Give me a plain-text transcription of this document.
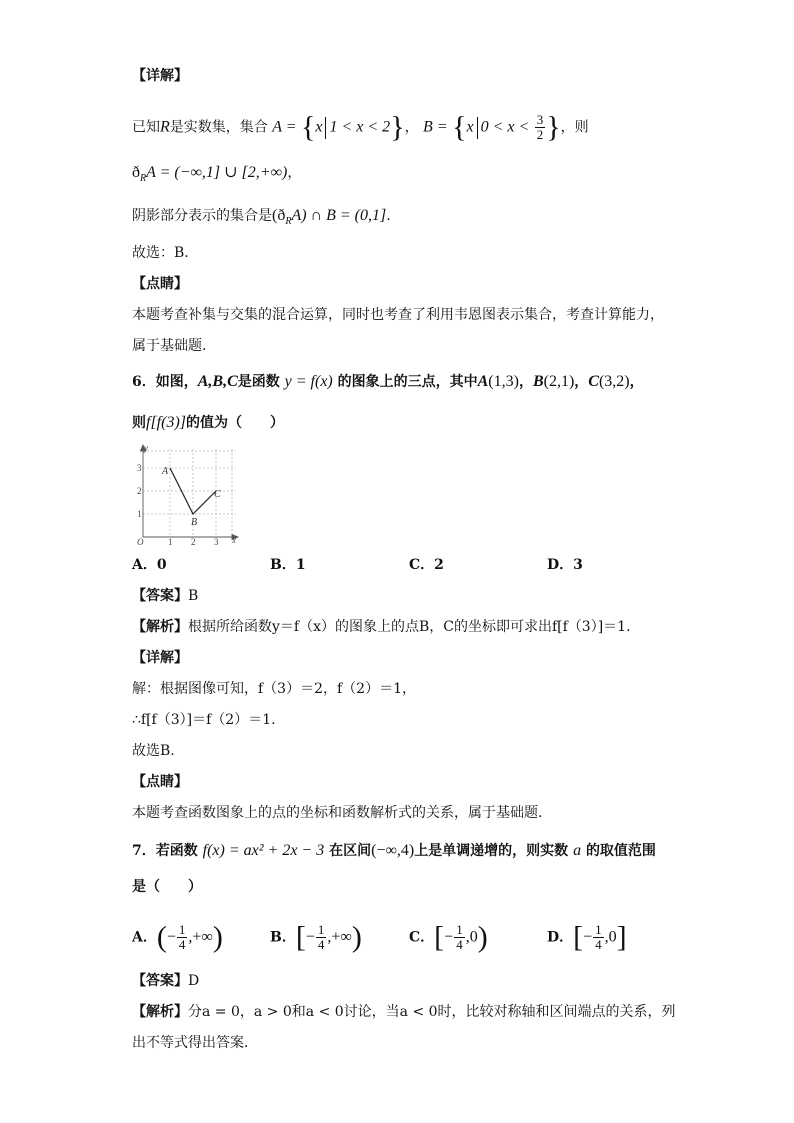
【详解】
已知R是实数集，集合 A = {x 1 < x < 2}， B = {x $0 < x < \frac{3}{2}$ }，则
$ð_RA = (-\infty,1]$ ∪ [2,+∞)，
阴影部分表示的集合是$(ð_RA)$ ∩ B = (0,1].
故选：B.
【点睛】
本题考查补集与交集的混合运算，同时也考查了利用韦恩图表示集合，考查计算能力，
属于基础题.
6．如图，A,B,C是函数 y = f(x) 的图象上的三点，其中A(1,3)，B(2,1)，C(3,2)，
则f[f(3)]的值为（　　）
y
x
O	1 2 3
1
2
3 A
B
C
A．0	B．1	C．2	D．3
【答案】B
【解析】根据所给函数y＝f（x）的图象上的点B，C的坐标即可求出f[f（3）]＝1.
【详解】
解：根据图像可知，f（3）＝2，f（2）＝1，
∴f[f（3）]＝f（2）＝1.
故选B.
【点睛】
本题考查函数图象上的点的坐标和函数解析式的关系，属于基础题．
7．若函数 f(x) = ax² + 2x − 3 在区间(−∞,4)上是单调递增的，则实数 a 的取值范围
是（　　）
A．(− $\frac{1}{4}$ ,+∞)	B．[− $\frac{1}{4}$ ,+∞)	C．[− $\frac{1}{4} ,0$)	D．[− $\frac{1}{4} ,0$]
【答案】D
【解析】分a = 0，a > 0和a < 0讨论，当a < 0时，比较对称轴和区间端点的关系，列
出不等式得出答案．
